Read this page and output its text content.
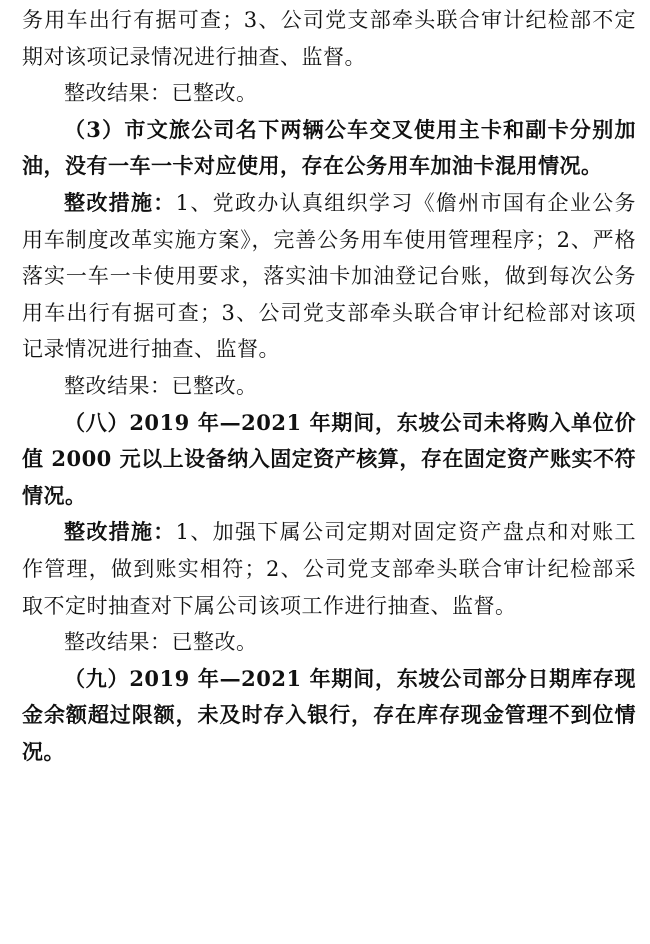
务用车出行有据可查；3、公司党支部牵头联合审计纪检部不定期对该项记录情况进行抽查、监督。

整改结果：已整改。

（3）市文旅公司名下两辆公车交叉使用主卡和副卡分别加油，没有一车一卡对应使用，存在公务用车加油卡混用情况。

整改措施：1、党政办认真组织学习《儋州市国有企业公务用车制度改革实施方案》，完善公务用车使用管理程序；2、严格落实一车一卡使用要求，落实油卡加油登记台账，做到每次公务用车出行有据可查；3、公司党支部牵头联合审计纪检部对该项记录情况进行抽查、监督。

整改结果：已整改。

（八）2019 年—2021 年期间，东坡公司未将购入单位价值 2000 元以上设备纳入固定资产核算，存在固定资产账实不符情况。

整改措施：1、加强下属公司定期对固定资产盘点和对账工作管理，做到账实相符；2、公司党支部牵头联合审计纪检部采取不定时抽查对下属公司该项工作进行抽查、监督。

整改结果：已整改。

（九）2019 年—2021 年期间，东坡公司部分日期库存现金余额超过限额，未及时存入银行，存在库存现金管理不到位情况。
